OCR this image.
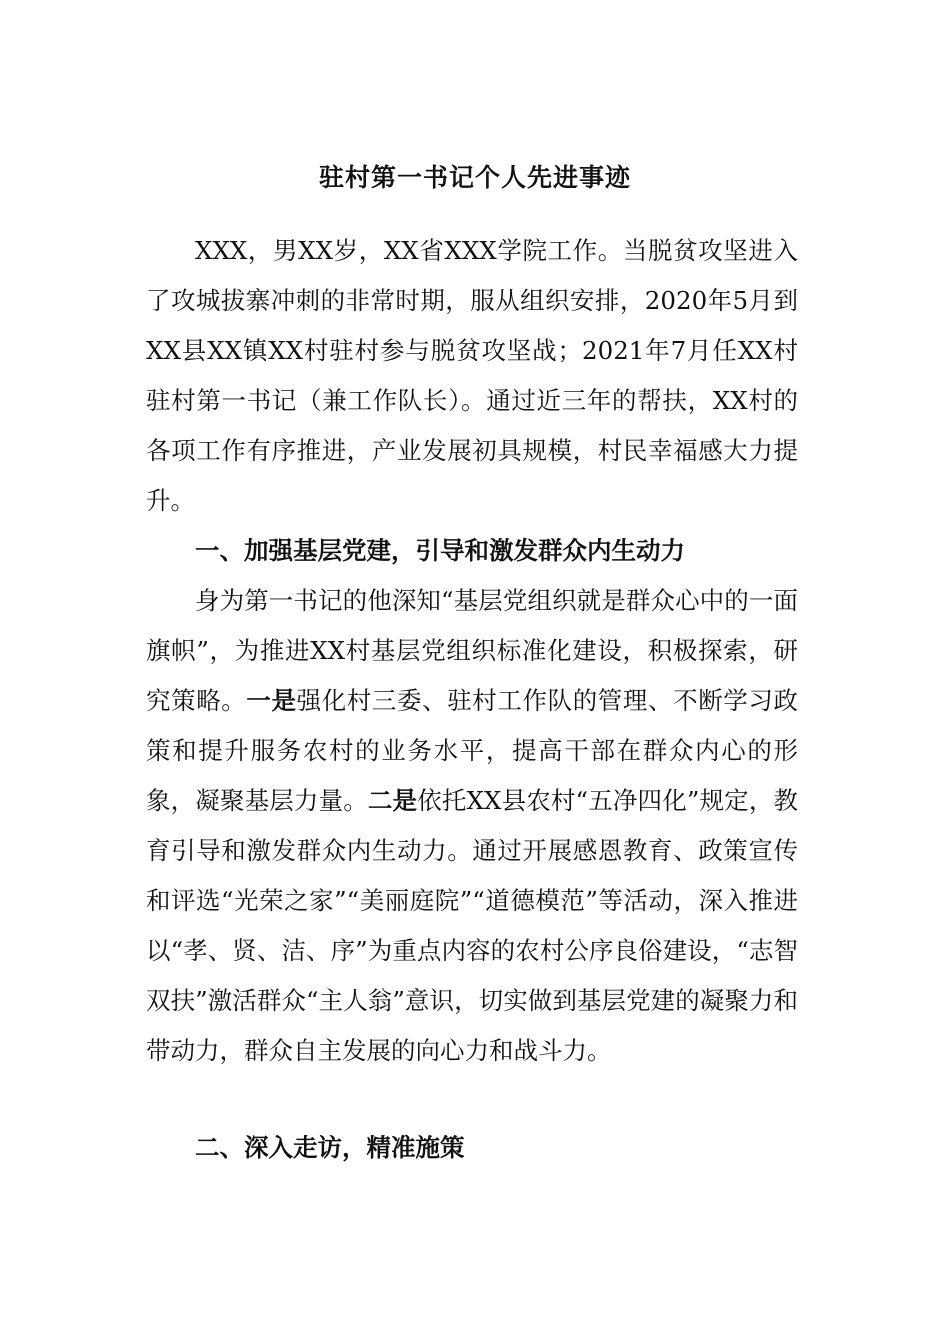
驻村第一书记个人先进事迹
XXX，男XX岁，XX省XXX学院工作。当脱贫攻坚进入了攻城拔寨冲刺的非常时期，服从组织安排，2020年5月到XX县XX镇XX村驻村参与脱贫攻坚战；2021年7月任XX村驻村第一书记（兼工作队长）。通过近三年的帮扶，XX村的各项工作有序推进，产业发展初具规模，村民幸福感大力提升。
一、加强基层党建，引导和激发群众内生动力
身为第一书记的他深知“基层党组织就是群众心中的一面旗帜”，为推进XX村基层党组织标准化建设，积极探索，研究策略。一是强化村三委、驻村工作队的管理、不断学习政策和提升服务农村的业务水平，提高干部在群众内心的形象，凝聚基层力量。二是依托XX县农村“五净四化”规定，教育引导和激发群众内生动力。通过开展感恩教育、政策宣传和评选“光荣之家”“美丽庭院”“道德模范”等活动，深入推进以“孝、贤、洁、序”为重点内容的农村公序良俗建设，“志智双扶”激活群众“主人翁”意识，切实做到基层党建的凝聚力和带动力，群众自主发展的向心力和战斗力。
二、深入走访，精准施策
